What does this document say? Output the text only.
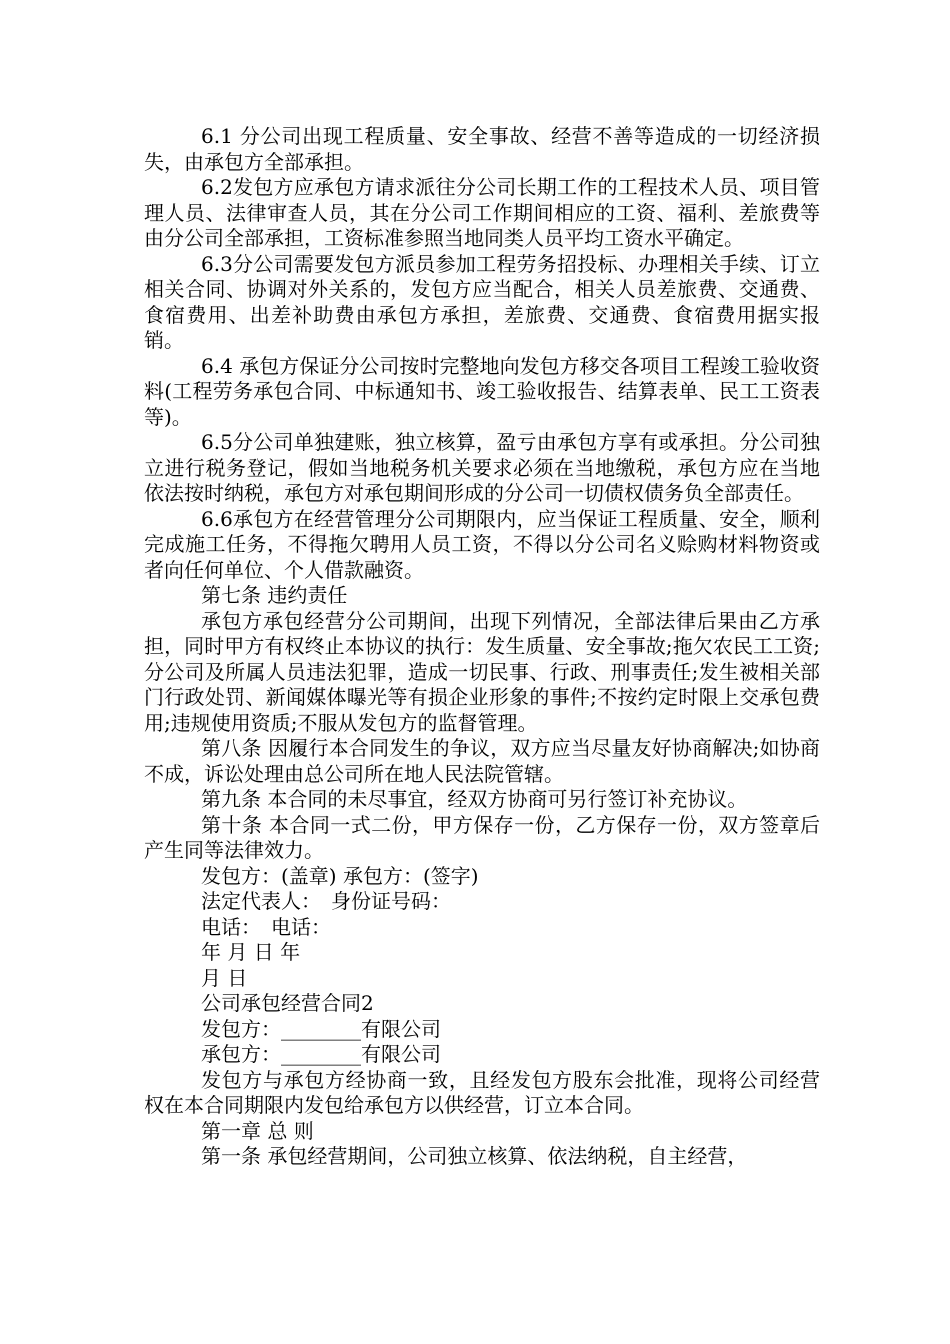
6.1 分公司出现工程质量、安全事故、经营不善等造成的一切经济损失，由承包方全部承担。

6.2发包方应承包方请求派往分公司长期工作的工程技术人员、项目管理人员、法律审查人员，其在分公司工作期间相应的工资、福利、差旅费等由分公司全部承担，工资标准参照当地同类人员平均工资水平确定。

6.3分公司需要发包方派员参加工程劳务招投标、办理相关手续、订立相关合同、协调对外关系的，发包方应当配合，相关人员差旅费、交通费、食宿费用、出差补助费由承包方承担，差旅费、交通费、食宿费用据实报销。

6.4 承包方保证分公司按时完整地向发包方移交各项目工程竣工验收资料(工程劳务承包合同、中标通知书、竣工验收报告、结算表单、民工工资表等)。

6.5分公司单独建账，独立核算，盈亏由承包方享有或承担。分公司独立进行税务登记，假如当地税务机关要求必须在当地缴税，承包方应在当地依法按时纳税，承包方对承包期间形成的分公司一切债权债务负全部责任。

6.6承包方在经营管理分公司期限内，应当保证工程质量、安全，顺利完成施工任务，不得拖欠聘用人员工资，不得以分公司名义赊购材料物资或者向任何单位、个人借款融资。

第七条 违约责任

承包方承包经营分公司期间，出现下列情况，全部法律后果由乙方承担，同时甲方有权终止本协议的执行：发生质量、安全事故;拖欠农民工工资;分公司及所属人员违法犯罪，造成一切民事、行政、刑事责任;发生被相关部门行政处罚、新闻媒体曝光等有损企业形象的事件;不按约定时限上交承包费用;违规使用资质;不服从发包方的监督管理。

第八条 因履行本合同发生的争议，双方应当尽量友好协商解决;如协商不成，诉讼处理由总公司所在地人民法院管辖。

第九条 本合同的未尽事宜，经双方协商可另行签订补充协议。

第十条 本合同一式二份，甲方保存一份，乙方保存一份，双方签章后产生同等法律效力。

发包方：(盖章) 承包方：(签字)

法定代表人：　身份证号码：

电话：　电话：

年 月 日 年

月 日

公司承包经营合同2

发包方：________有限公司

承包方：________有限公司

发包方与承包方经协商一致，且经发包方股东会批准，现将公司经营权在本合同期限内发包给承包方以供经营，订立本合同。

第一章 总 则

第一条 承包经营期间，公司独立核算、依法纳税，自主经营，
